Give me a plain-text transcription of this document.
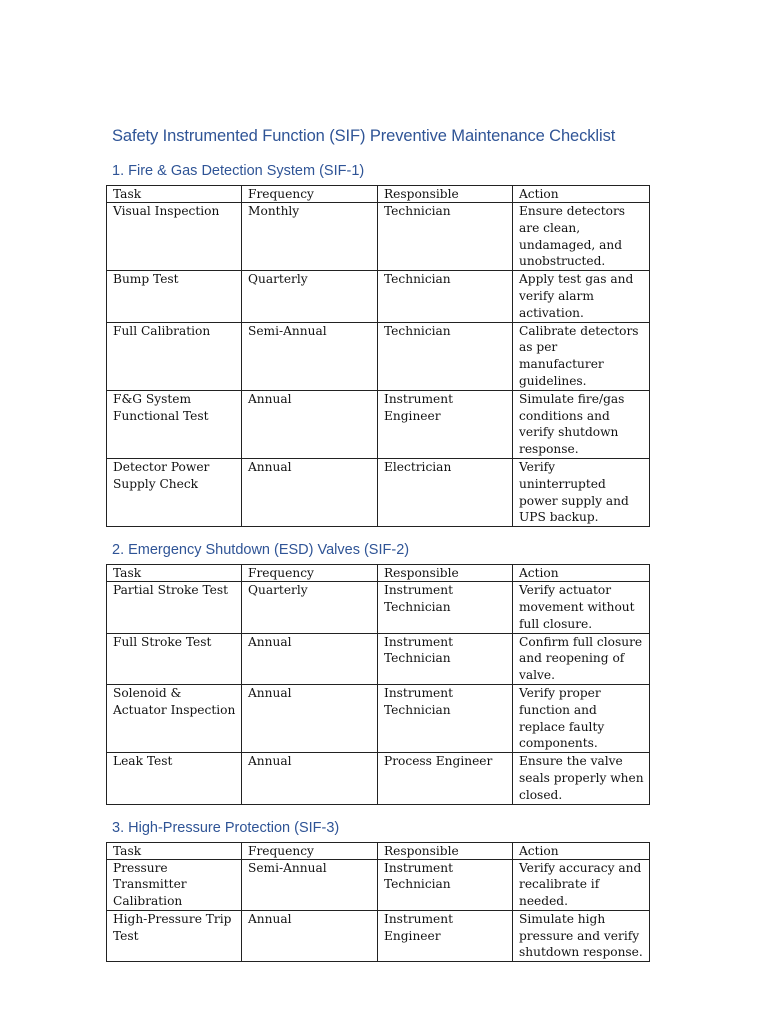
Safety Instrumented Function (SIF) Preventive Maintenance Checklist
1. Fire & Gas Detection System (SIF-1)
Task	Frequency	Responsible	Action
Visual Inspection	Monthly	Technician	Ensure detectors are clean, undamaged, and unobstructed.
Bump Test	Quarterly	Technician	Apply test gas and verify alarm activation.
Full Calibration	Semi-Annual	Technician	Calibrate detectors as per manufacturer guidelines.
F&G System Functional Test	Annual	Instrument Engineer	Simulate fire/gas conditions and verify shutdown response.
Detector Power Supply Check	Annual	Electrician	Verify uninterrupted power supply and UPS backup.
2. Emergency Shutdown (ESD) Valves (SIF-2)
Task	Frequency	Responsible	Action
Partial Stroke Test	Quarterly	Instrument Technician	Verify actuator movement without full closure.
Full Stroke Test	Annual	Instrument Technician	Confirm full closure and reopening of valve.
Solenoid & Actuator Inspection	Annual	Instrument Technician	Verify proper function and replace faulty components.
Leak Test	Annual	Process Engineer	Ensure the valve seals properly when closed.
3. High-Pressure Protection (SIF-3)
Task	Frequency	Responsible	Action
Pressure Transmitter Calibration	Semi-Annual	Instrument Technician	Verify accuracy and recalibrate if needed.
High-Pressure Trip Test	Annual	Instrument Engineer	Simulate high pressure and verify shutdown response.
